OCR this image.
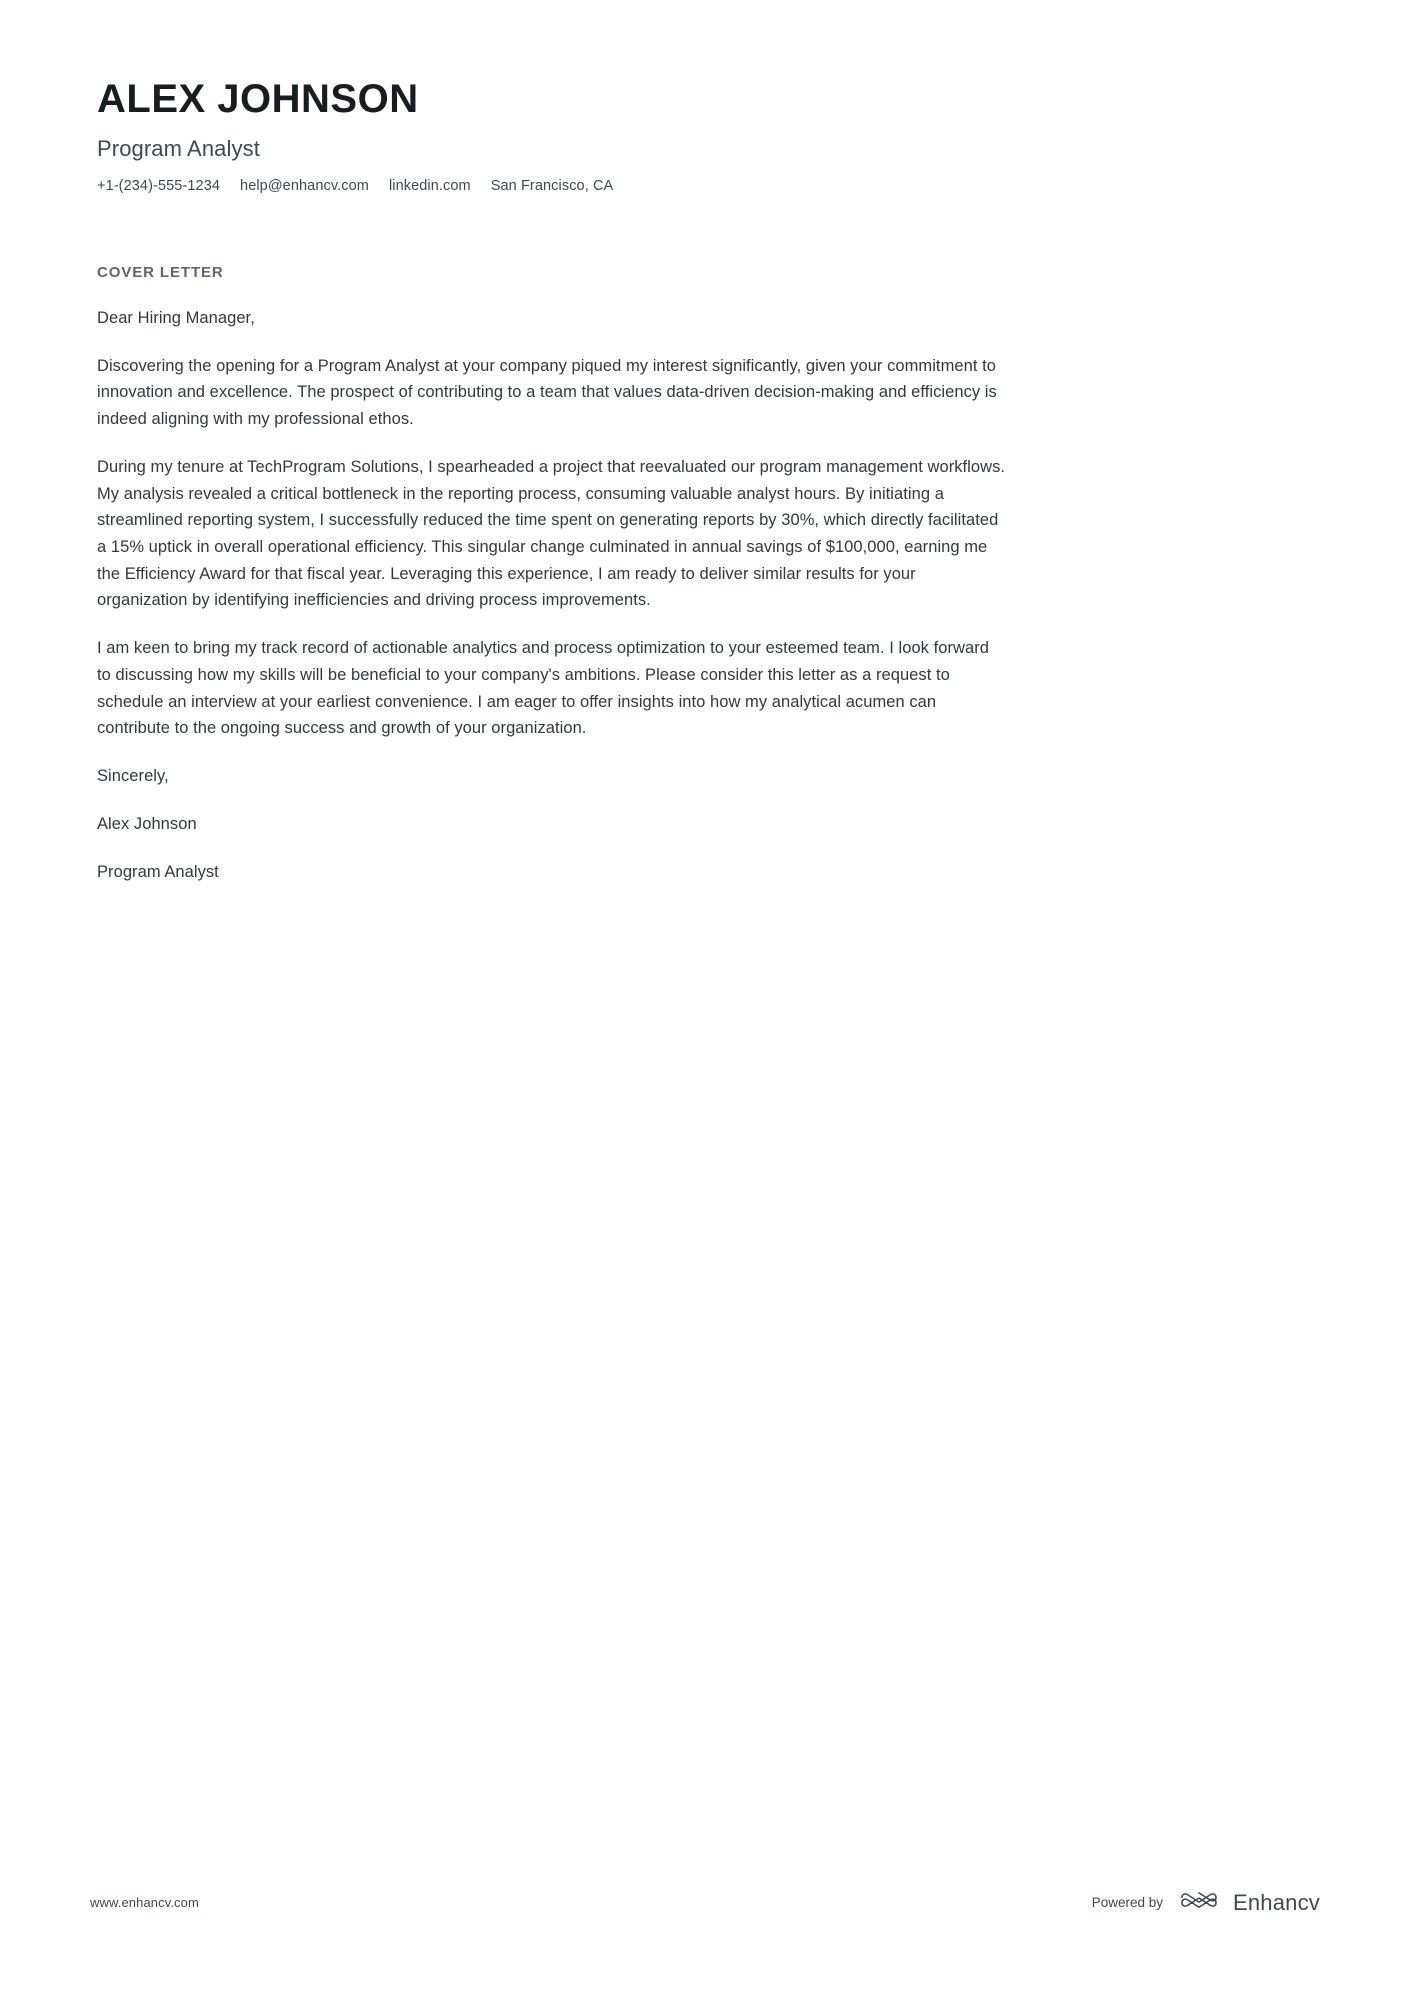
ALEX JOHNSON
Program Analyst
+1-(234)-555-1234 help@enhancv.com linkedin.com San Francisco, CA
COVER LETTER

Dear Hiring Manager,

Discovering the opening for a Program Analyst at your company piqued my interest significantly, given your commitment to innovation and excellence. The prospect of contributing to a team that values data-driven decision-making and efficiency is indeed aligning with my professional ethos.

During my tenure at TechProgram Solutions, I spearheaded a project that reevaluated our program management workflows. My analysis revealed a critical bottleneck in the reporting process, consuming valuable analyst hours. By initiating a streamlined reporting system, I successfully reduced the time spent on generating reports by 30%, which directly facilitated a 15% uptick in overall operational efficiency. This singular change culminated in annual savings of $100,000, earning me the Efficiency Award for that fiscal year. Leveraging this experience, I am ready to deliver similar results for your organization by identifying inefficiencies and driving process improvements.

I am keen to bring my track record of actionable analytics and process optimization to your esteemed team. I look forward to discussing how my skills will be beneficial to your company's ambitions. Please consider this letter as a request to schedule an interview at your earliest convenience. I am eager to offer insights into how my analytical acumen can contribute to the ongoing success and growth of your organization.

Sincerely,

Alex Johnson

Program Analyst

www.enhancv.com	Powered by	Enhancv
